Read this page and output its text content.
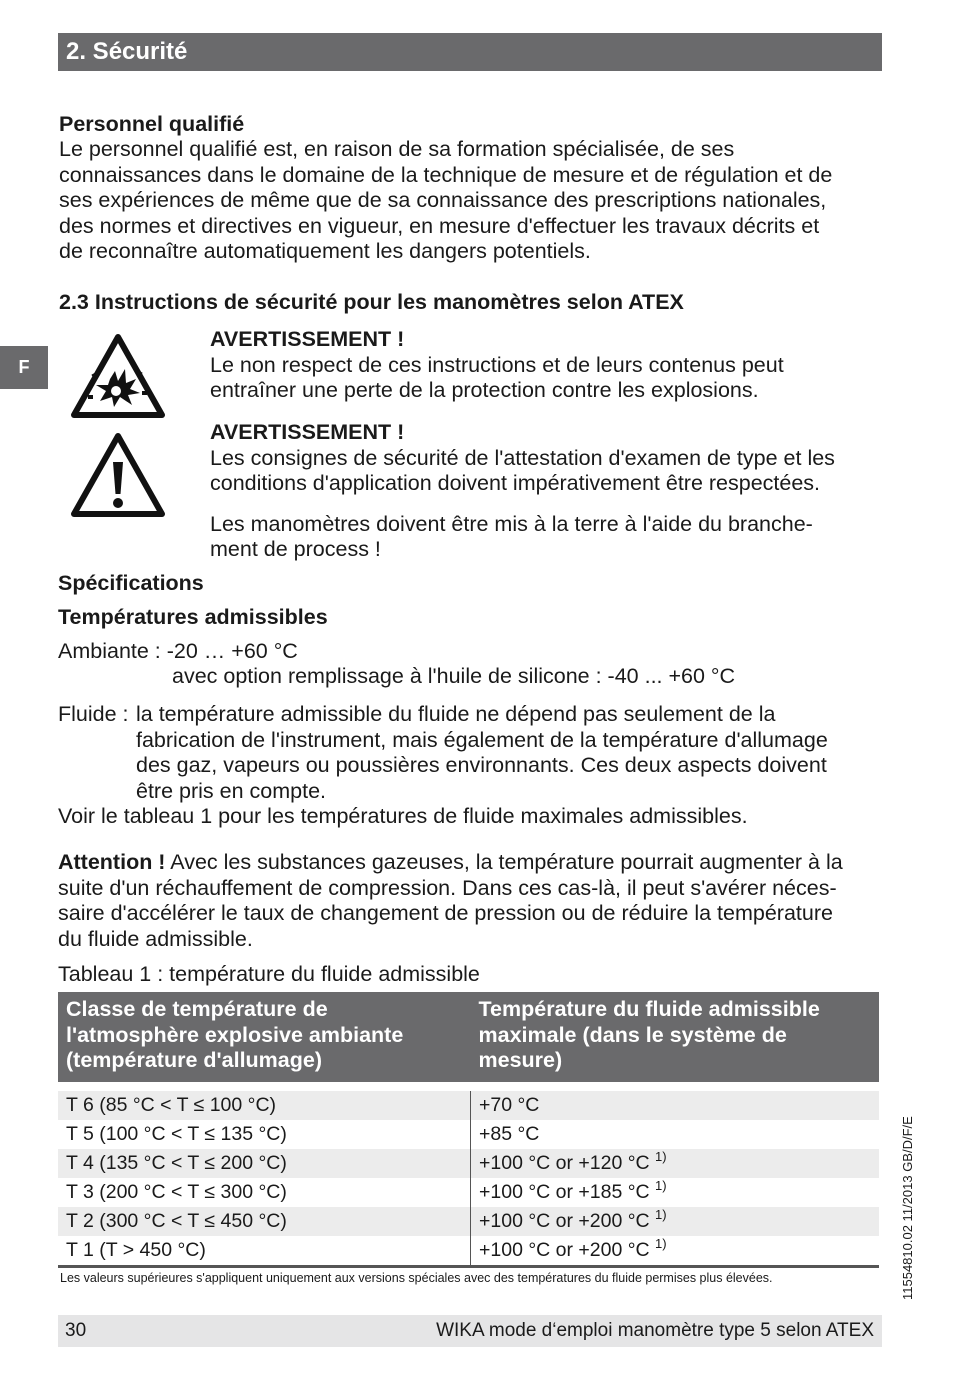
2. Sécurité
F
Personnel qualifié
Le personnel qualifié est, en raison de sa formation spécialisée, de ses
connaissances dans le domaine de la technique de mesure et de régulation et de
ses expériences de même que de sa connaissance des prescriptions nationales,
des normes et directives en vigueur, en mesure d'effectuer les travaux décrits et
de reconnaître automatiquement les dangers potentiels.
2.3 Instructions de sécurité pour les manomètres selon ATEX
AVERTISSEMENT !
Le non respect de ces instructions et de leurs contenus peut
entraîner une perte de la protection contre les explosions.
AVERTISSEMENT !
Les consignes de sécurité de l'attestation d'examen de type et les
conditions d'application doivent impérativement être respectées.
Les manomètres doivent être mis à la terre à l'aide du branche-
ment de process !
Spécifications
Températures admissibles
Ambiante : -20 … +60 °C
avec option remplissage à l'huile de silicone : -40 ... +60 °C
Fluide : la température admissible du fluide ne dépend pas seulement de la
fabrication de l'instrument, mais également de la température d'allumage
des gaz, vapeurs ou poussières environnants. Ces deux aspects doivent
être pris en compte.
Voir le tableau 1 pour les températures de fluide maximales admissibles.
Attention ! Avec les substances gazeuses, la température pourrait augmenter à la
suite d'un réchauffement de compression. Dans ces cas-là, il peut s'avérer néces-
saire d'accélérer le taux de changement de pression ou de réduire la température
du fluide admissible.
Tableau 1 : température du fluide admissible
Classe de température de l'atmosphère explosive ambiante (température d'allumage)	Température du fluide admissible maximale (dans le système de mesure)

T 6 (85 °C < T ≤ 100 °C)	+70 °C
T 5 (100 °C < T ≤ 135 °C)	+85 °C
T 4 (135 °C < T ≤ 200 °C)	+100 °C or +120 °C $^{1)}$
T 3 (200 °C < T ≤ 300 °C)	+100 °C or +185 °C $^{1)}$
T 2 (300 °C < T ≤ 450 °C)	+100 °C or +200 °C $^{1)}$
T 1 (T > 450 °C)	+100 °C or +200 °C $^{1)}$
Les valeurs supérieures s'appliquent uniquement aux versions spéciales avec des températures du fluide permises plus élevées.	11554810.02 11/2013 GB/D/F/E
30	WIKA mode d‘emploi manomètre type 5 selon ATEX
